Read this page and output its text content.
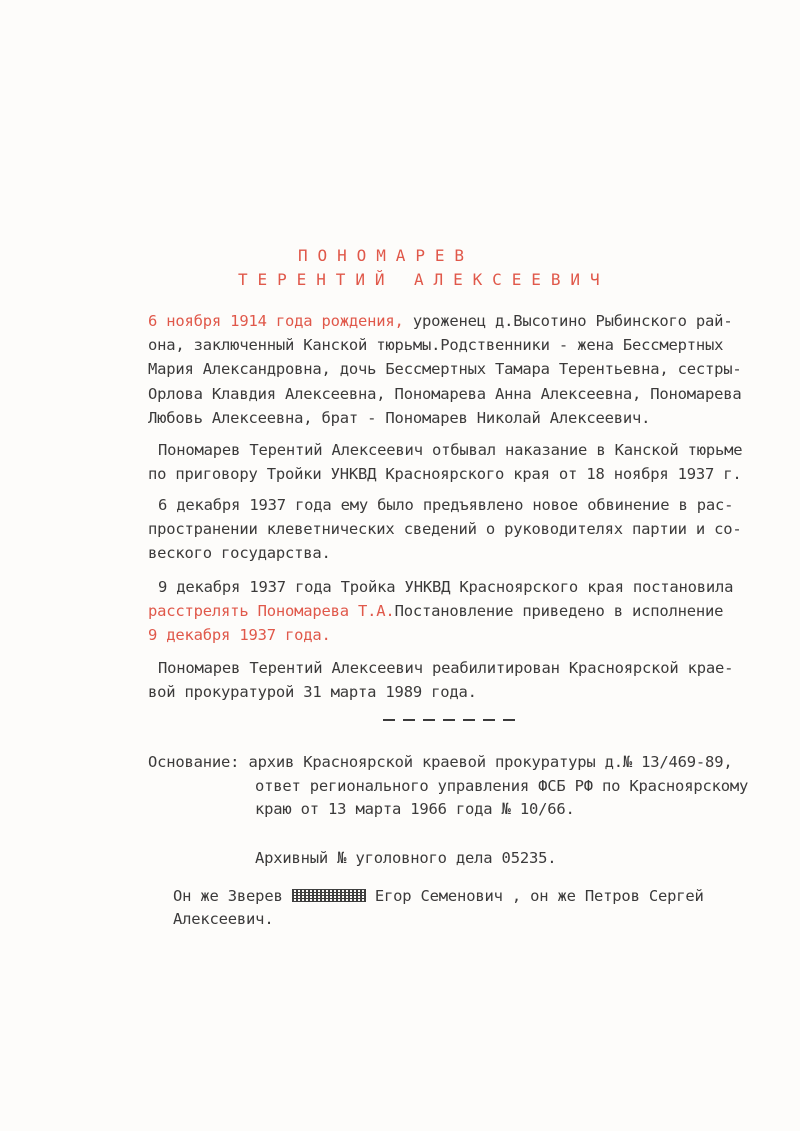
ПОНОМАРЕВ
ТЕРЕНТИЙ АЛЕКСЕЕВИЧ
6 ноября 1914 года рождения, уроженец д.Высотино Рыбинского рай-
она, заключенный Канской тюрьмы.Родственники - жена Бессмертных
Мария Александровна, дочь Бессмертных Тамара Терентьевна, сестры-
Орлова Клавдия Алексеевна, Пономарева Анна Алексеевна, Пономарева
Любовь Алексеевна, брат - Пономарев Николай Алексеевич.
Пономарев Терентий Алексеевич отбывал наказание в Канской тюрьме
по приговору Тройки УНКВД Красноярского края от 18 ноября 1937 г.
6 декабря 1937 года ему было предъявлено новое обвинение в рас-
пространении клеветнических сведений о руководителях партии и со-
веского государства.
9 декабря 1937 года Тройка УНКВД Красноярского края постановила
расстрелять Пономарева Т.А.Постановление приведено в исполнение
9 декабря 1937 года.
Пономарев Терентий Алексеевич реабилитирован Красноярской крае-
вой прокуратурой 31 марта 1989 года.
Основание: архив Красноярской краевой прокуратуры д.№ 13/469-89,
ответ регионального управления ФСБ РФ по Красноярскому
краю от 13 марта 1966 года № 10/66.
Архивный № уголовного дела 05235.
Он же Зверев	Егор Семенович , он же Петров Сергей
Алексеевич.
